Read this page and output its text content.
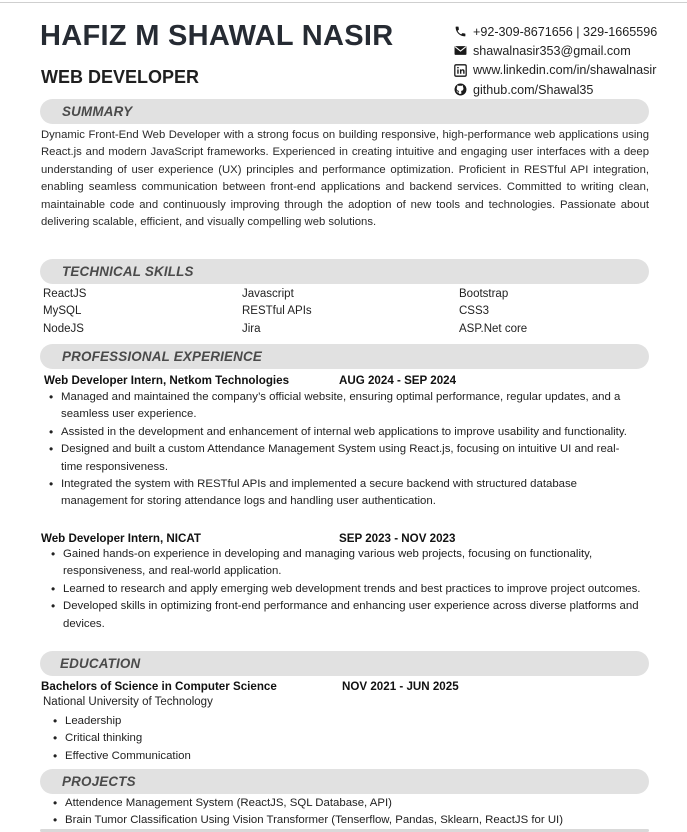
HAFIZ M SHAWAL NASIR
WEB DEVELOPER
+92-309-8671656 | 329-1665596
shawalnasir353@gmail.com
www.linkedin.com/in/shawalnasir
github.com/Shawal35
SUMMARY
Dynamic Front-End Web Developer with a strong focus on building responsive, high-performance web applications using React.js and modern JavaScript frameworks. Experienced in creating intuitive and engaging user interfaces with a deep understanding of user experience (UX) principles and performance optimization. Proficient in RESTful API integration, enabling seamless communication between front-end applications and backend services. Committed to writing clean, maintainable code and continuously improving through the adoption of new tools and technologies. Passionate about delivering scalable, efficient, and visually compelling web solutions.
TECHNICAL SKILLS
ReactJS	Javascript	Bootstrap
MySQL	RESTful APIs	CSS3
NodeJS	Jira	ASP.Net core
PROFESSIONAL EXPERIENCE
Web Developer Intern, Netkom Technologies	AUG 2024 - SEP 2024
• Managed and maintained the company’s official website, ensuring optimal performance, regular updates, and a seamless user experience.
• Assisted in the development and enhancement of internal web applications to improve usability and functionality.
• Designed and built a custom Attendance Management System using React.js, focusing on intuitive UI and real-time responsiveness.
• Integrated the system with RESTful APIs and implemented a secure backend with structured database management for storing attendance logs and handling user authentication.
Web Developer Intern, NICAT	SEP 2023 - NOV 2023
• Gained hands-on experience in developing and managing various web projects, focusing on functionality, responsiveness, and real-world application.
• Learned to research and apply emerging web development trends and best practices to improve project outcomes.
• Developed skills in optimizing front-end performance and enhancing user experience across diverse platforms and devices.
EDUCATION
Bachelors of Science in Computer Science	NOV 2021 - JUN 2025
National University of Technology
• Leadership
• Critical thinking
• Effective Communication
PROJECTS
• Attendence Management System (ReactJS, SQL Database, API)
• Brain Tumor Classification Using Vision Transformer (Tenserflow, Pandas, Sklearn, ReactJS for UI)
